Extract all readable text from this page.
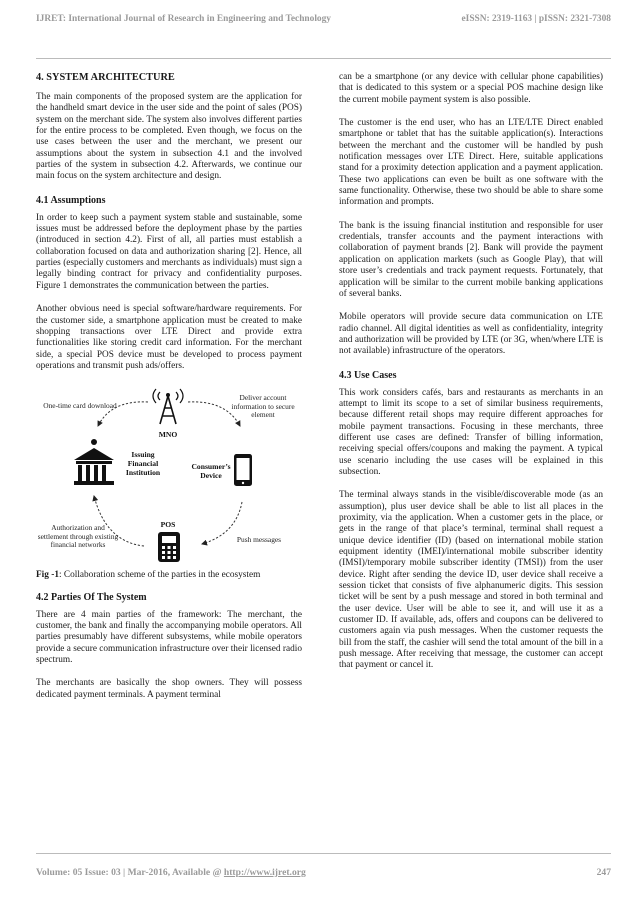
IJRET: International Journal of Research in Engineering and Technology	eISSN: 2319-1163 | pISSN: 2321-7308
4. SYSTEM ARCHITECTURE

The main components of the proposed system are the application for the handheld smart device in the user side and the point of sales (POS) system on the merchant side. The system also involves different parties for the entire process to be completed. Even though, we focus on the use cases between the user and the merchant, we present our assumptions about the system in subsection 4.1 and the involved parties of the system in subsection 4.2. Afterwards, we continue our main focus on the system architecture and design.

4.1 Assumptions

In order to keep such a payment system stable and sustainable, some issues must be addressed before the deployment phase by the parties (introduced in section 4.2). First of all, all parties must establish a collaboration focused on data and authorization sharing [2]. Hence, all parties (especially customers and merchants as individuals) must sign a legally binding contract for privacy and confidentiality purposes. Figure 1 demonstrates the communication between the parties.

Another obvious need is special software/hardware requirements. For the customer side, a smartphone application must be created to make shopping transactions over LTE Direct and provide extra functionalities like storing credit card information. For the merchant side, a special POS device must be developed to process payment operations and transmit push ads/offers.

One-time card download
Deliver account information to secure element
MNO
Issuing Financial Institution
Consumer’s Device
POS
Authorization and settlement through existing financial networks
Push messages
Fig -1: Collaboration scheme of the parties in the ecosystem
4.2 Parties Of The System

There are 4 main parties of the framework: The merchant, the customer, the bank and finally the accompanying mobile operators. All parties presumably have different subsystems, while mobile operators provide a secure communication infrastructure over their licensed radio spectrum.

The merchants are basically the shop owners. They will possess dedicated payment terminals. A payment terminal

can be a smartphone (or any device with cellular phone capabilities) that is dedicated to this system or a special POS machine design like the current mobile payment system is also possible.

The customer is the end user, who has an LTE/LTE Direct enabled smartphone or tablet that has the suitable application(s). Interactions between the merchant and the customer will be handled by push notification messages over LTE Direct. Here, suitable applications stand for a proximity detection application and a payment application. These two applications can even be built as one software with the same functionality. Otherwise, these two should be able to share some information and prompts.

The bank is the issuing financial institution and responsible for user credentials, transfer accounts and the payment interactions with collaboration of payment brands [2]. Bank will provide the payment application on application markets (such as Google Play), that will store user’s credentials and track payment requests. Fortunately, that application will be similar to the current mobile banking applications of several banks.

Mobile operators will provide secure data communication on LTE radio channel. All digital identities as well as confidentiality, integrity and authorization will be provided by LTE (or 3G, when/where LTE is not available) infrastructure of the operators.

4.3 Use Cases

This work considers cafés, bars and restaurants as merchants in an attempt to limit its scope to a set of similar business requirements, because different retail shops may require different approaches for mobile payment transactions. Focusing in these merchants, three different use cases are defined: Transfer of billing information, receiving special offers/coupons and making the payment. A typical use scenario including the use cases will be explained in this subsection.

The terminal always stands in the visible/discoverable mode (as an assumption), plus user device shall be able to list all places in the proximity, via the application. When a customer gets in the place, or gets in the range of that place’s terminal, terminal shall request a unique device identifier (ID) (based on international mobile station equipment identity (IMEI)/international mobile subscriber identity (IMSI)/temporary mobile subscriber identity (TMSI)) from the user device. Right after sending the device ID, user device shall receive a session ticket that consists of five alphanumeric digits. This session ticket will be sent by a push message and stored in both terminal and the user device. User will be able to see it, and will use it as a customer ID. If available, ads, offers and coupons can be delivered to customers again via push messages. When the customer requests the bill from the staff, the cashier will send the total amount of the bill in a push message. After receiving that message, the customer can accept that payment or cancel it.

Volume: 05 Issue: 03 | Mar-2016, Available @ http://www.ijret.org	247
